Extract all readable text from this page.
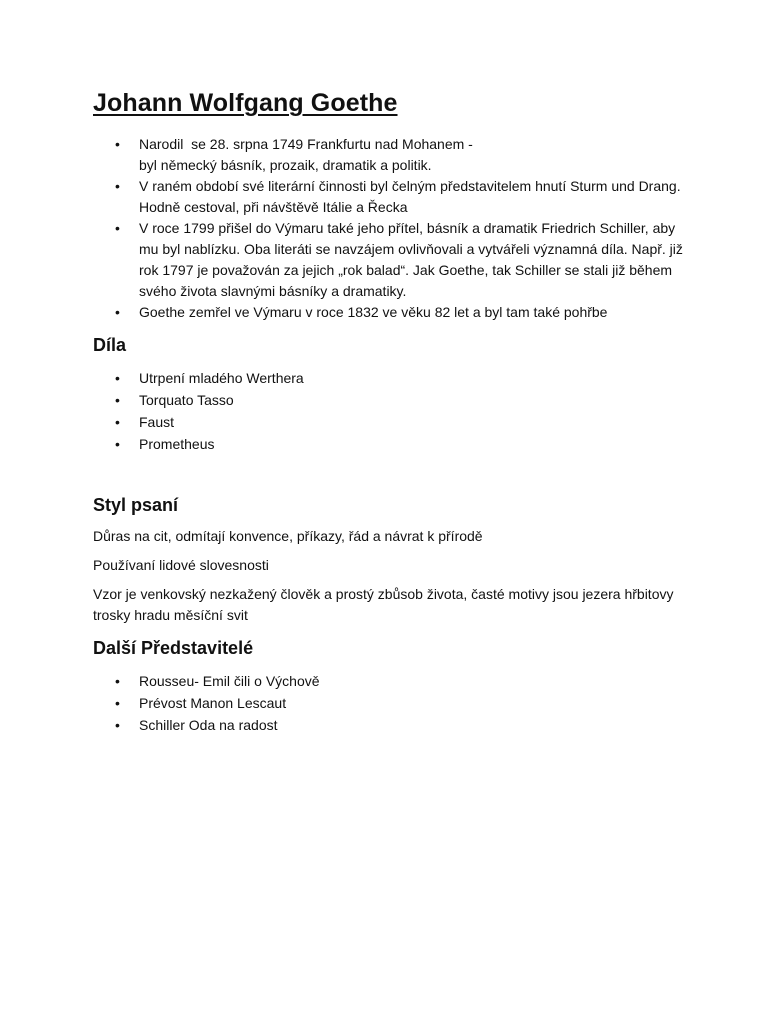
Johann Wolfgang Goethe
• Narodil  se 28. srpna 1749 Frankfurtu nad Mohanem -
byl německý básník, prozaik, dramatik a politik.
• V raném období své literární činnosti byl čelným představitelem hnutí Sturm und Drang. Hodně cestoval, při návštěvě Itálie a Řecka
• V roce 1799 přišel do Výmaru také jeho přítel, básník a dramatik Friedrich Schiller, aby mu byl nablízku. Oba literáti se navzájem ovlivňovali a vytvářeli významná díla. Např. již rok 1797 je považován za jejich „rok balad“. Jak Goethe, tak Schiller se stali již během svého života slavnými básníky a dramatiky.
• Goethe zemřel ve Výmaru v roce 1832 ve věku 82 let a byl tam také pohřbe
Díla
• Utrpení mladého Werthera
• Torquato Tasso
• Faust
• Prometheus
Styl psaní

Důras na cit, odmítají konvence, příkazy, řád a návrat k přírodě

Používaní lidové slovesnosti

Vzor je venkovský nezkažený člověk a prostý zbůsob života, časté motivy jsou jezera hřbitovy trosky hradu měsíční svit

Další Představitelé
• Rousseu- Emil čili o Výchově
• Prévost Manon Lescaut
• Schiller Oda na radost
